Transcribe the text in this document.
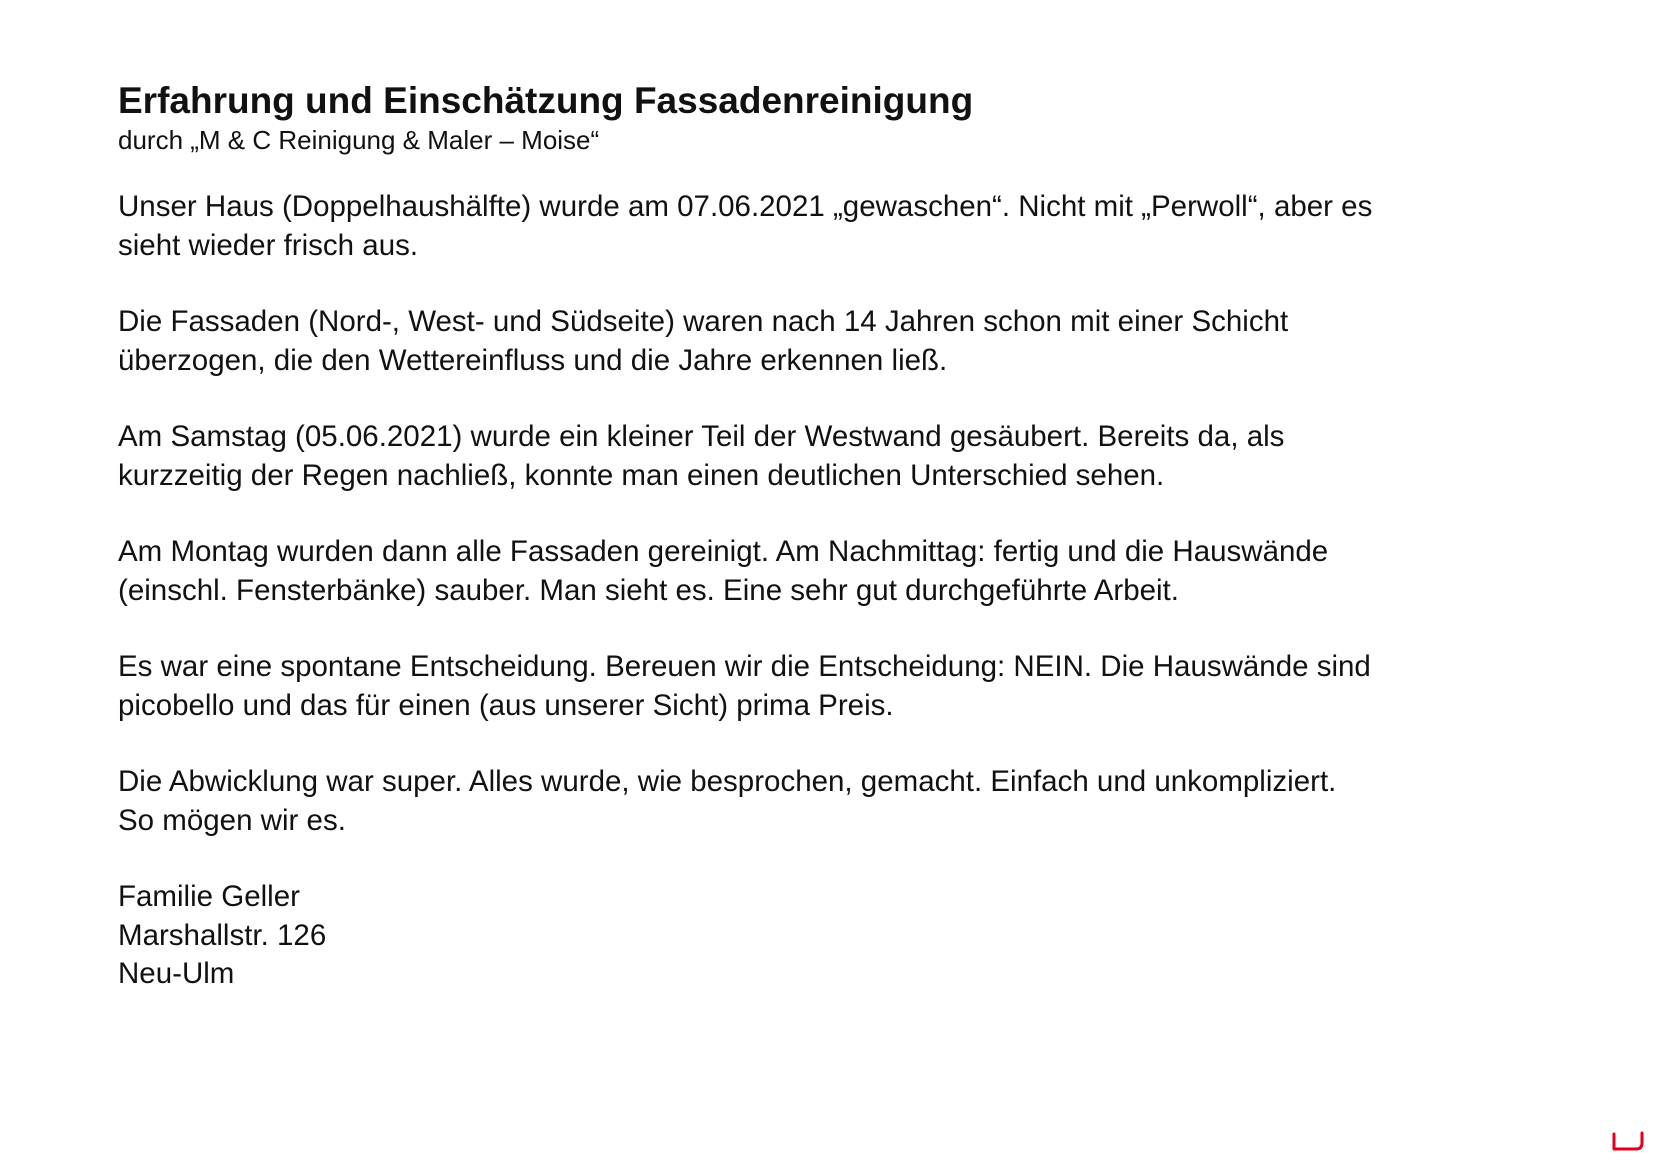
Erfahrung und Einschätzung Fassadenreinigung

durch „M & C Reinigung & Maler – Moise“

Unser Haus (Doppelhaushälfte) wurde am 07.06.2021 „gewaschen“. Nicht mit „Perwoll“, aber es
sieht wieder frisch aus.

Die Fassaden (Nord-, West- und Südseite) waren nach 14 Jahren schon mit einer Schicht
überzogen, die den Wettereinfluss und die Jahre erkennen ließ.

Am Samstag (05.06.2021) wurde ein kleiner Teil der Westwand gesäubert. Bereits da, als
kurzzeitig der Regen nachließ, konnte man einen deutlichen Unterschied sehen.

Am Montag wurden dann alle Fassaden gereinigt. Am Nachmittag: fertig und die Hauswände
(einschl. Fensterbänke) sauber. Man sieht es. Eine sehr gut durchgeführte Arbeit.

Es war eine spontane Entscheidung. Bereuen wir die Entscheidung: NEIN. Die Hauswände sind
picobello und das für einen (aus unserer Sicht) prima Preis.

Die Abwicklung war super. Alles wurde, wie besprochen, gemacht. Einfach und unkompliziert.
So mögen wir es.

Familie Geller
Marshallstr. 126
Neu-Ulm
